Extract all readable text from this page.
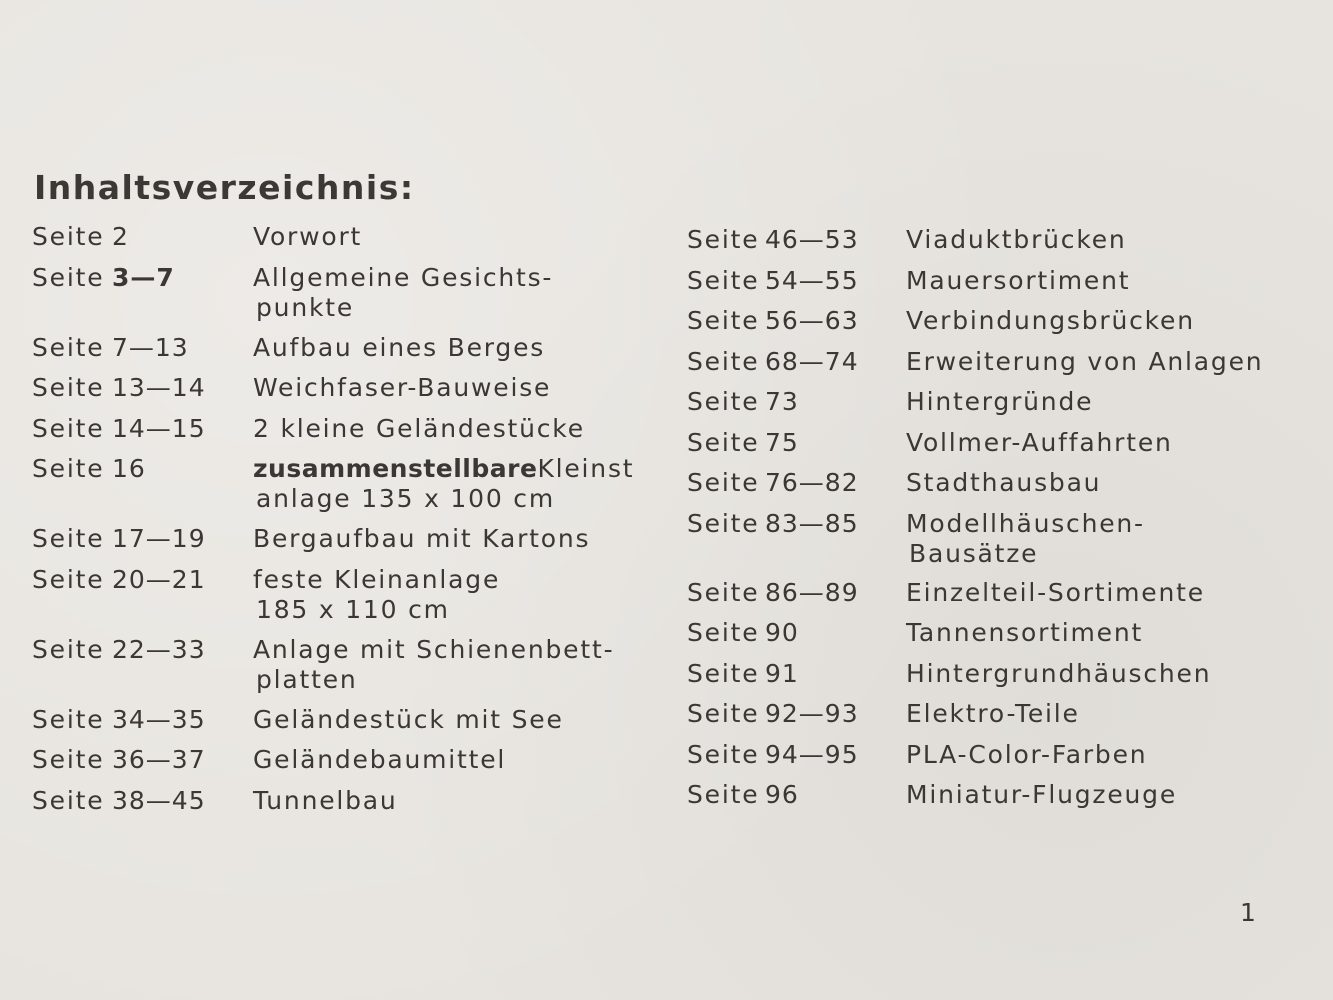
Inhaltsverzeichnis:
Seite 2	Vorwort
Seite 3—7	Allgemeine Gesichts-
punkte
Seite 7—13	Aufbau eines Berges
Seite 13—14 Weichfaser-Bauweise
Seite 14—15 2 kleine Geländestücke
Seite 16	zusammenstellbareKleinst
anlage 135 x 100 cm
Seite 17—19 Bergaufbau mit Kartons
Seite 20—21 feste Kleinanlage
185 x 110 cm
Seite 22—33 Anlage mit Schienenbett-
platten
Seite 34—35 Geländestück mit See
Seite 36—37 Geländebaumittel
Seite 38—45 Tunnelbau
Seite 46—53 Viaduktbrücken
Seite 54—55 Mauersortiment
Seite 56—63 Verbindungsbrücken
Seite 68—74 Erweiterung von Anlagen
Seite 73	Hintergründe
Seite 75	Vollmer-Auffahrten
Seite 76—82 Stadthausbau
Seite 83—85 Modellhäuschen-
Bausätze
Seite 86—89 Einzelteil-Sortimente
Seite 90	Tannensortiment
Seite 91	Hintergrundhäuschen
Seite 92—93 Elektro-Teile
Seite 94—95 PLA-Color-Farben
Seite 96	Miniatur-Flugzeuge
1
